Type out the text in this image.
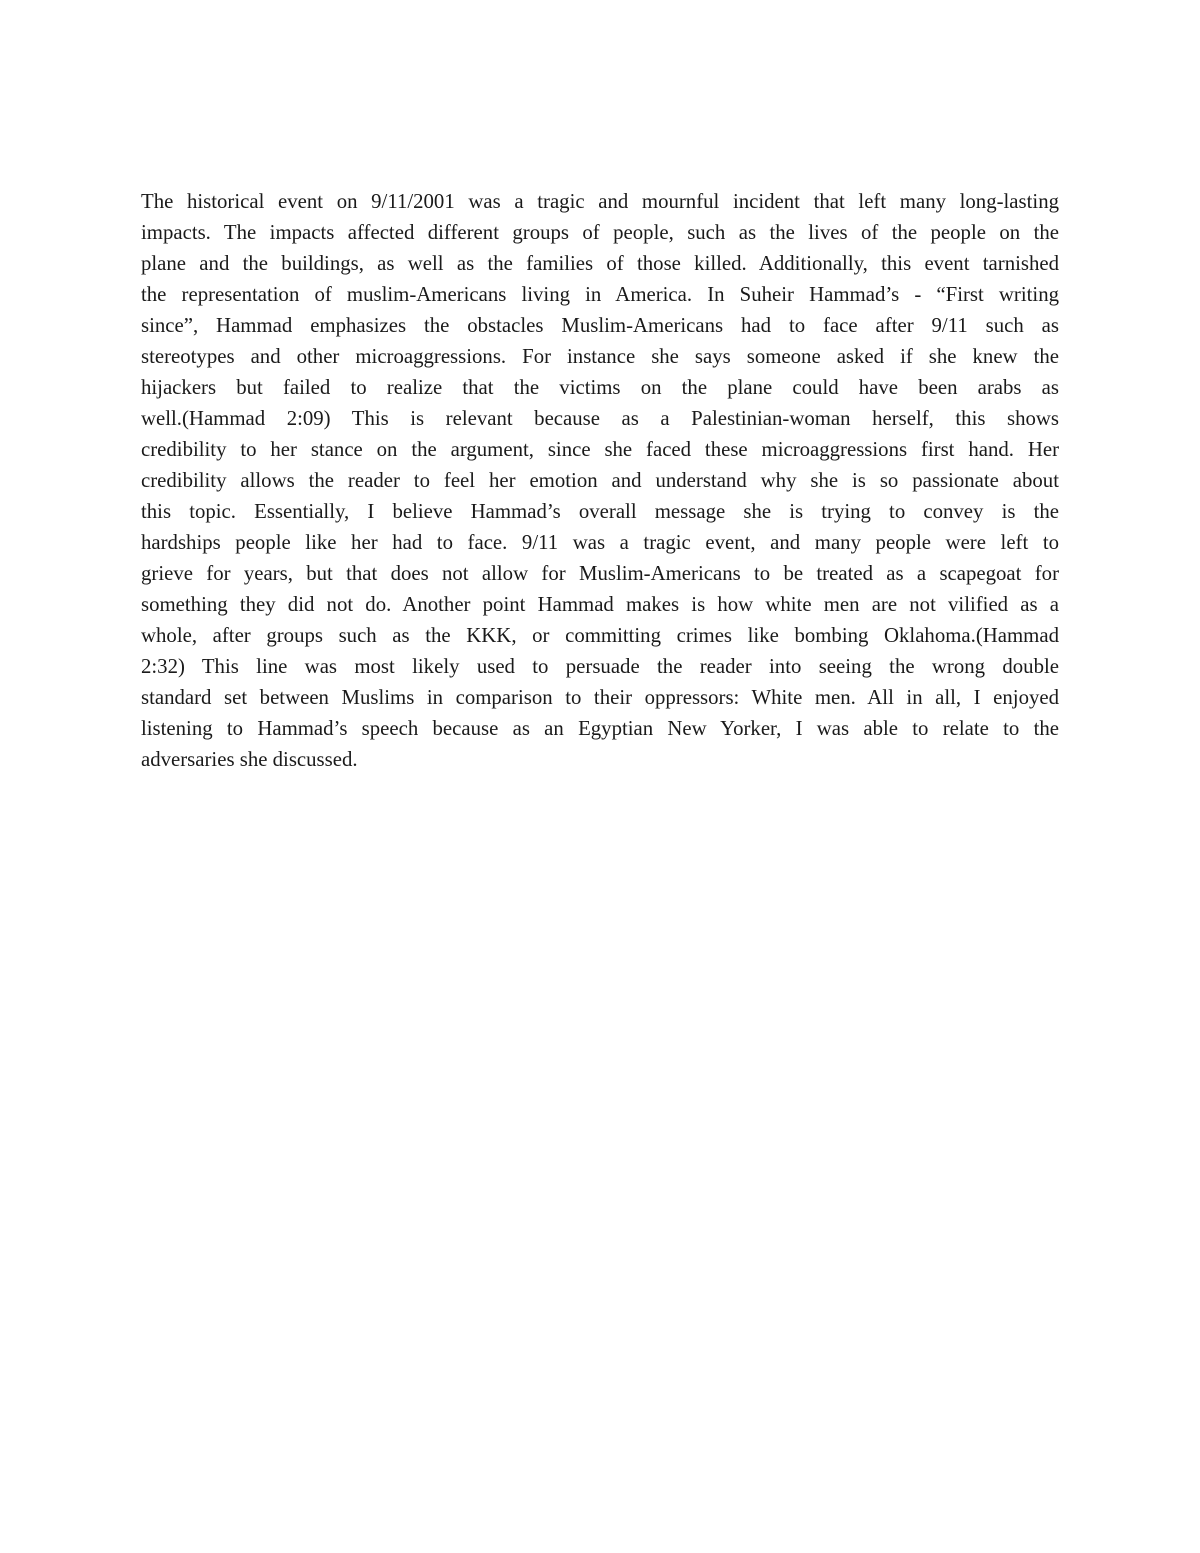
The historical event on 9/11/2001 was a tragic and mournful incident that left many long-lasting
impacts. The impacts affected different groups of people, such as the lives of the people on the
plane and the buildings, as well as the families of those killed. Additionally, this event tarnished
the representation of muslim-Americans living in America. In Suheir Hammad’s - “First writing
since”, Hammad emphasizes the obstacles Muslim-Americans had to face after 9/11 such as
stereotypes and other microaggressions. For instance she says someone asked if she knew the
hijackers but failed to realize that the victims on the plane could have been arabs as
well.(Hammad 2:09) This is relevant because as a Palestinian-woman herself, this shows
credibility to her stance on the argument, since she faced these microaggressions first hand. Her
credibility allows the reader to feel her emotion and understand why she is so passionate about
this topic. Essentially, I believe Hammad’s overall message she is trying to convey is the
hardships people like her had to face. 9/11 was a tragic event, and many people were left to
grieve for years, but that does not allow for Muslim-Americans to be treated as a scapegoat for
something they did not do. Another point Hammad makes is how white men are not vilified as a
whole, after groups such as the KKK, or committing crimes like bombing Oklahoma.(Hammad
2:32) This line was most likely used to persuade the reader into seeing the wrong double
standard set between Muslims in comparison to their oppressors: White men. All in all, I enjoyed
listening to Hammad’s speech because as an Egyptian New Yorker, I was able to relate to the
adversaries she discussed.
